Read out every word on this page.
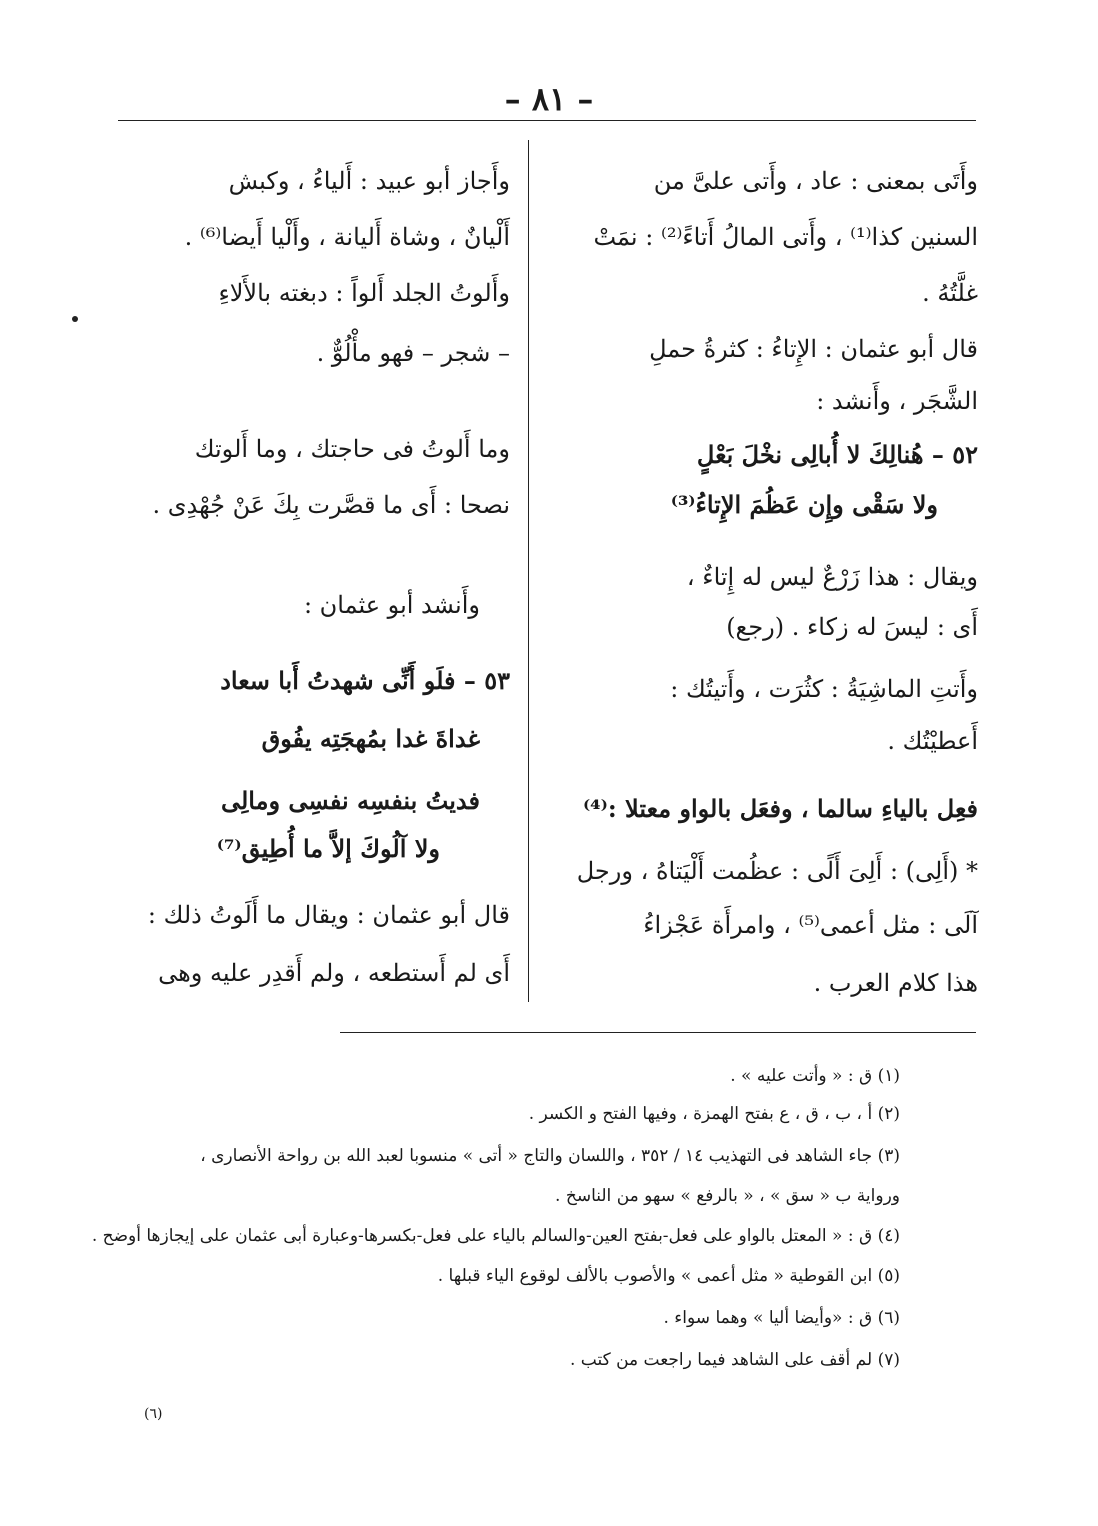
– ٨١ –
وأَتَى بمعنى : عاد ، وأَتى علىَّ من
السنين كذا⁽¹⁾ ، وأَتى المالُ أَتاءً⁽²⁾ : نمَتْ
غلَّتُهُ .
قال أبو عثمان : الإِتاءُ : كثرةُ حملِ
الشَّجَر ، وأَنشد :
٥٢ – هُنالِكَ لا أُبالِى نخْلَ بَعْلٍ
ولا سَقْى وإِن عَظُمَ الإِتاءُ⁽³⁾
ويقال : هذا زَرْعٌ ليس له إِتاءٌ ،
أَى : ليسَ له زكاء . (رجع)
وأَتتِ الماشِيَةُ : كثُرَت ، وأَتيتُك :
أَعطيْتُك .
فعِل بالياءِ سالما ، وفعَل بالواو معتلا :⁽⁴⁾
* (أَلِى) : أَلِىَ أَلًى : عظُمت أَلْيَتاهُ ، ورجل
آلَى : مثل أعمى⁽⁵⁾ ، وامرأَة عَجْزاءُ
هذا كلام العرب .
وأَجاز أبو عبيد : أَلياءُ ، وكبش
أَلْيانٌ ، وشاة أَليانة ، وأَلْيا أَيضا⁽⁶⁾ .
وأَلوتُ الجلد أَلواً : دبغته بالأَلاءِ
– شجر – فهو مأْلُوٌّ .
وما أَلوتُ فى حاجتك ، وما أَلوتك
نصحا : أَى ما قصَّرت بِكَ عَنْ جُهْدِى .
وأَنشد أبو عثمان :
٥٣ – فلَو أَنِّى شهدتُ أَبا سعاد
غداةَ غدا بمُهجَتِه يفُوق
فديتُ بنفسِه نفسِى ومالِى
ولا آلُوكَ إلاَّ ما أُطِيق⁽⁷⁾
قال أبو عثمان : ويقال ما أَلَوتُ ذلك :
أَى لم أَستطعه ، ولم أَقدِر عليه وهى
(١) ق : « وأتت عليه » .
(٢) أ ، ب ، ق ، ع بفتح الهمزة ، وفيها الفتح و الكسر .
(٣) جاء الشاهد فى التهذيب ١٤ / ٣٥٢ ، واللسان والتاج « أتى » منسوبا لعبد الله بن رواحة الأنصارى ،
ورواية ب « سق » ، « بالرفع » سهو من الناسخ .
(٤) ق : « المعتل بالواو على فعل-بفتح العين-والسالم بالياء على فعل-بكسرها-وعبارة أبى عثمان على إيجازها أوضح .
(٥) ابن القوطية « مثل أعمى » والأصوب بالألف لوقوع الياء قبلها .
(٦) ق : «وأيضا أليا » وهما سواء .
(٧) لم أقف على الشاهد فيما راجعت من كتب .
(٦)
